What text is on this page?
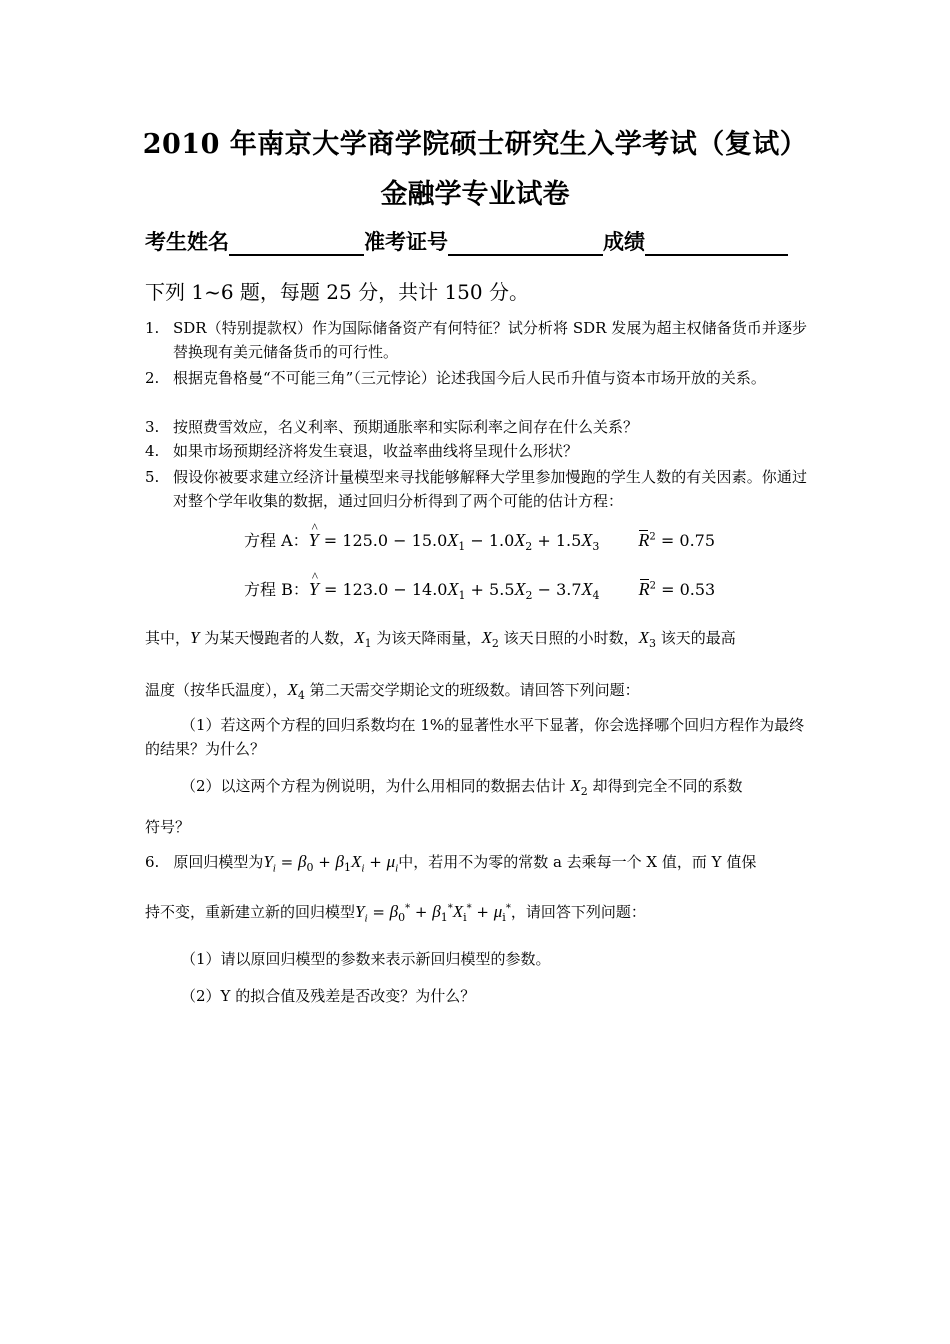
2010 年南京大学商学院硕士研究生入学考试（复试）
金融学专业试卷
考生姓名	准考证号	成绩
下列 1~6 题，每题 25 分，共计 150 分。
1. SDR（特别提款权）作为国际储备资产有何特征？试分析将 SDR 发展为超主权储备货币并逐步替换现有美元储备货币的可行性。
2. 根据克鲁格曼“不可能三角”（三元悖论）论述我国今后人民币升值与资本市场开放的关系。
3. 按照费雪效应，名义利率、预期通胀率和实际利率之间存在什么关系？
4. 如果市场预期经济将发生衰退，收益率曲线将呈现什么形状？
5. 假设你被要求建立经济计量模型来寻找能够解释大学里参加慢跑的学生人数的有关因素。你通过对整个学年收集的数据，通过回归分析得到了两个可能的估计方程：
方程 A：^ $Y = 125.0 - 15.0X_1 - 1.0X_2 + 1.5X_3$ $R^2 = 0.75$
方程 B：^ $Y = 123.0 - 14.0X_1 + 5.5X_2 - 3.7X_4$ $R^2 = 0.53$
其中，Y 为某天慢跑者的人数，$X_1$ 为该天降雨量，$X_2$ 该天日照的小时数，$X_3$ 该天的最高
温度（按华氏温度），$X_4$ 第二天需交学期论文的班级数。请回答下列问题：
（1）若这两个方程的回归系数均在 1%的显著性水平下显著，你会选择哪个回归方程作为最终的结果？为什么？
（2）以这两个方程为例说明，为什么用相同的数据去估计 $X_2$ 却得到完全不同的系数
符号？
6. 原回归模型为$Y_i = \beta_0 + \beta_1X_i + \mu_i$中，若用不为零的常数 a 去乘每一个 X 值，而 Y 值保
持不变，重新建立新的回归模型$Y_i = \beta_0^* + \beta_1^*X_i^* + \mu_i^*$，请回答下列问题：
（1）请以原回归模型的参数来表示新回归模型的参数。
（2）Y 的拟合值及残差是否改变？为什么？
